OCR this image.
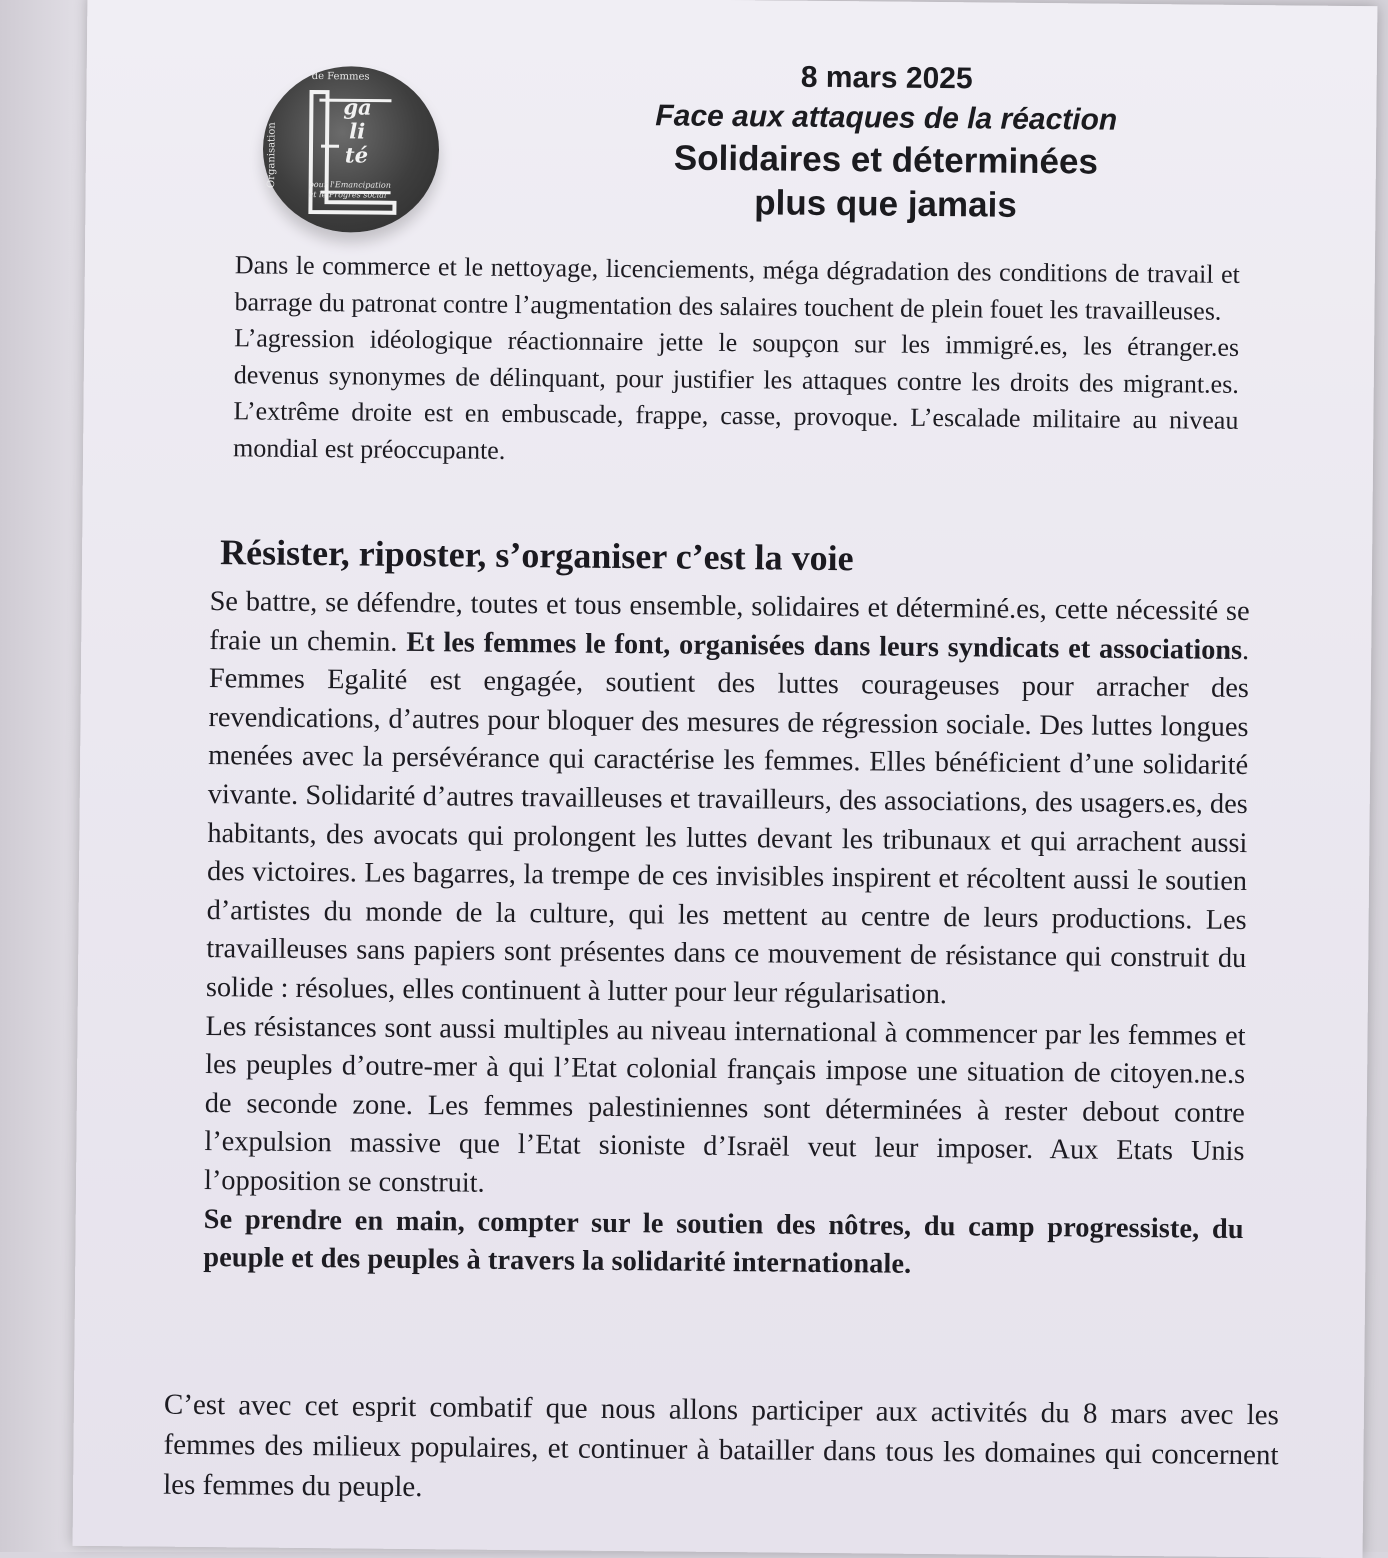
de Femmes
Organisation
ga
li
té
pour l'Emancipation
et le Progrès social
8 mars 2025
Face aux attaques de la réaction
Solidaires et déterminées
plus que jamais

Dans le commerce et le nettoyage, licenciements, méga dégradation des conditions de travail et barrage du patronat contre l’augmentation des salaires touchent de plein fouet les travailleuses.

L’agression idéologique réactionnaire jette le soupçon sur les immigré.es, les étranger.es devenus synonymes de délinquant, pour justifier les attaques contre les droits des migrant.es. L’extrême droite est en embuscade, frappe, casse, provoque. L’escalade militaire au niveau mondial est préoccupante.

Résister, riposter, s’organiser c’est la voie

Se battre, se défendre, toutes et tous ensemble, solidaires et déterminé.es, cette nécessité se fraie un chemin. Et les femmes le font, organisées dans leurs syndicats et associations. Femmes Egalité est engagée, soutient des luttes courageuses pour arracher des revendications, d’autres pour bloquer des mesures de régression sociale. Des luttes longues menées avec la persévérance qui caractérise les femmes. Elles bénéficient d’une solidarité vivante. Solidarité d’autres travailleuses et travailleurs, des associations, des usagers.es, des habitants, des avocats qui prolongent les luttes devant les tribunaux et qui arrachent aussi des victoires. Les bagarres, la trempe de ces invisibles inspirent et récoltent aussi le soutien d’artistes du monde de la culture, qui les mettent au centre de leurs productions. Les travailleuses sans papiers sont présentes dans ce mouvement de résistance qui construit du solide : résolues, elles continuent à lutter pour leur régularisation.

Les résistances sont aussi multiples au niveau international à commencer par les femmes et les peuples d’outre-mer à qui l’Etat colonial français impose une situation de citoyen.ne.s de seconde zone. Les femmes palestiniennes sont déterminées à rester debout contre l’expulsion massive que l’Etat sioniste d’Israël veut leur imposer. Aux Etats Unis l’opposition se construit.

Se prendre en main, compter sur le soutien des nôtres, du camp progressiste, du peuple et des peuples à travers la solidarité internationale.

C’est avec cet esprit combatif que nous allons participer aux activités du 8 mars avec les femmes des milieux populaires, et continuer à batailler dans tous les domaines qui concernent les femmes du peuple.
